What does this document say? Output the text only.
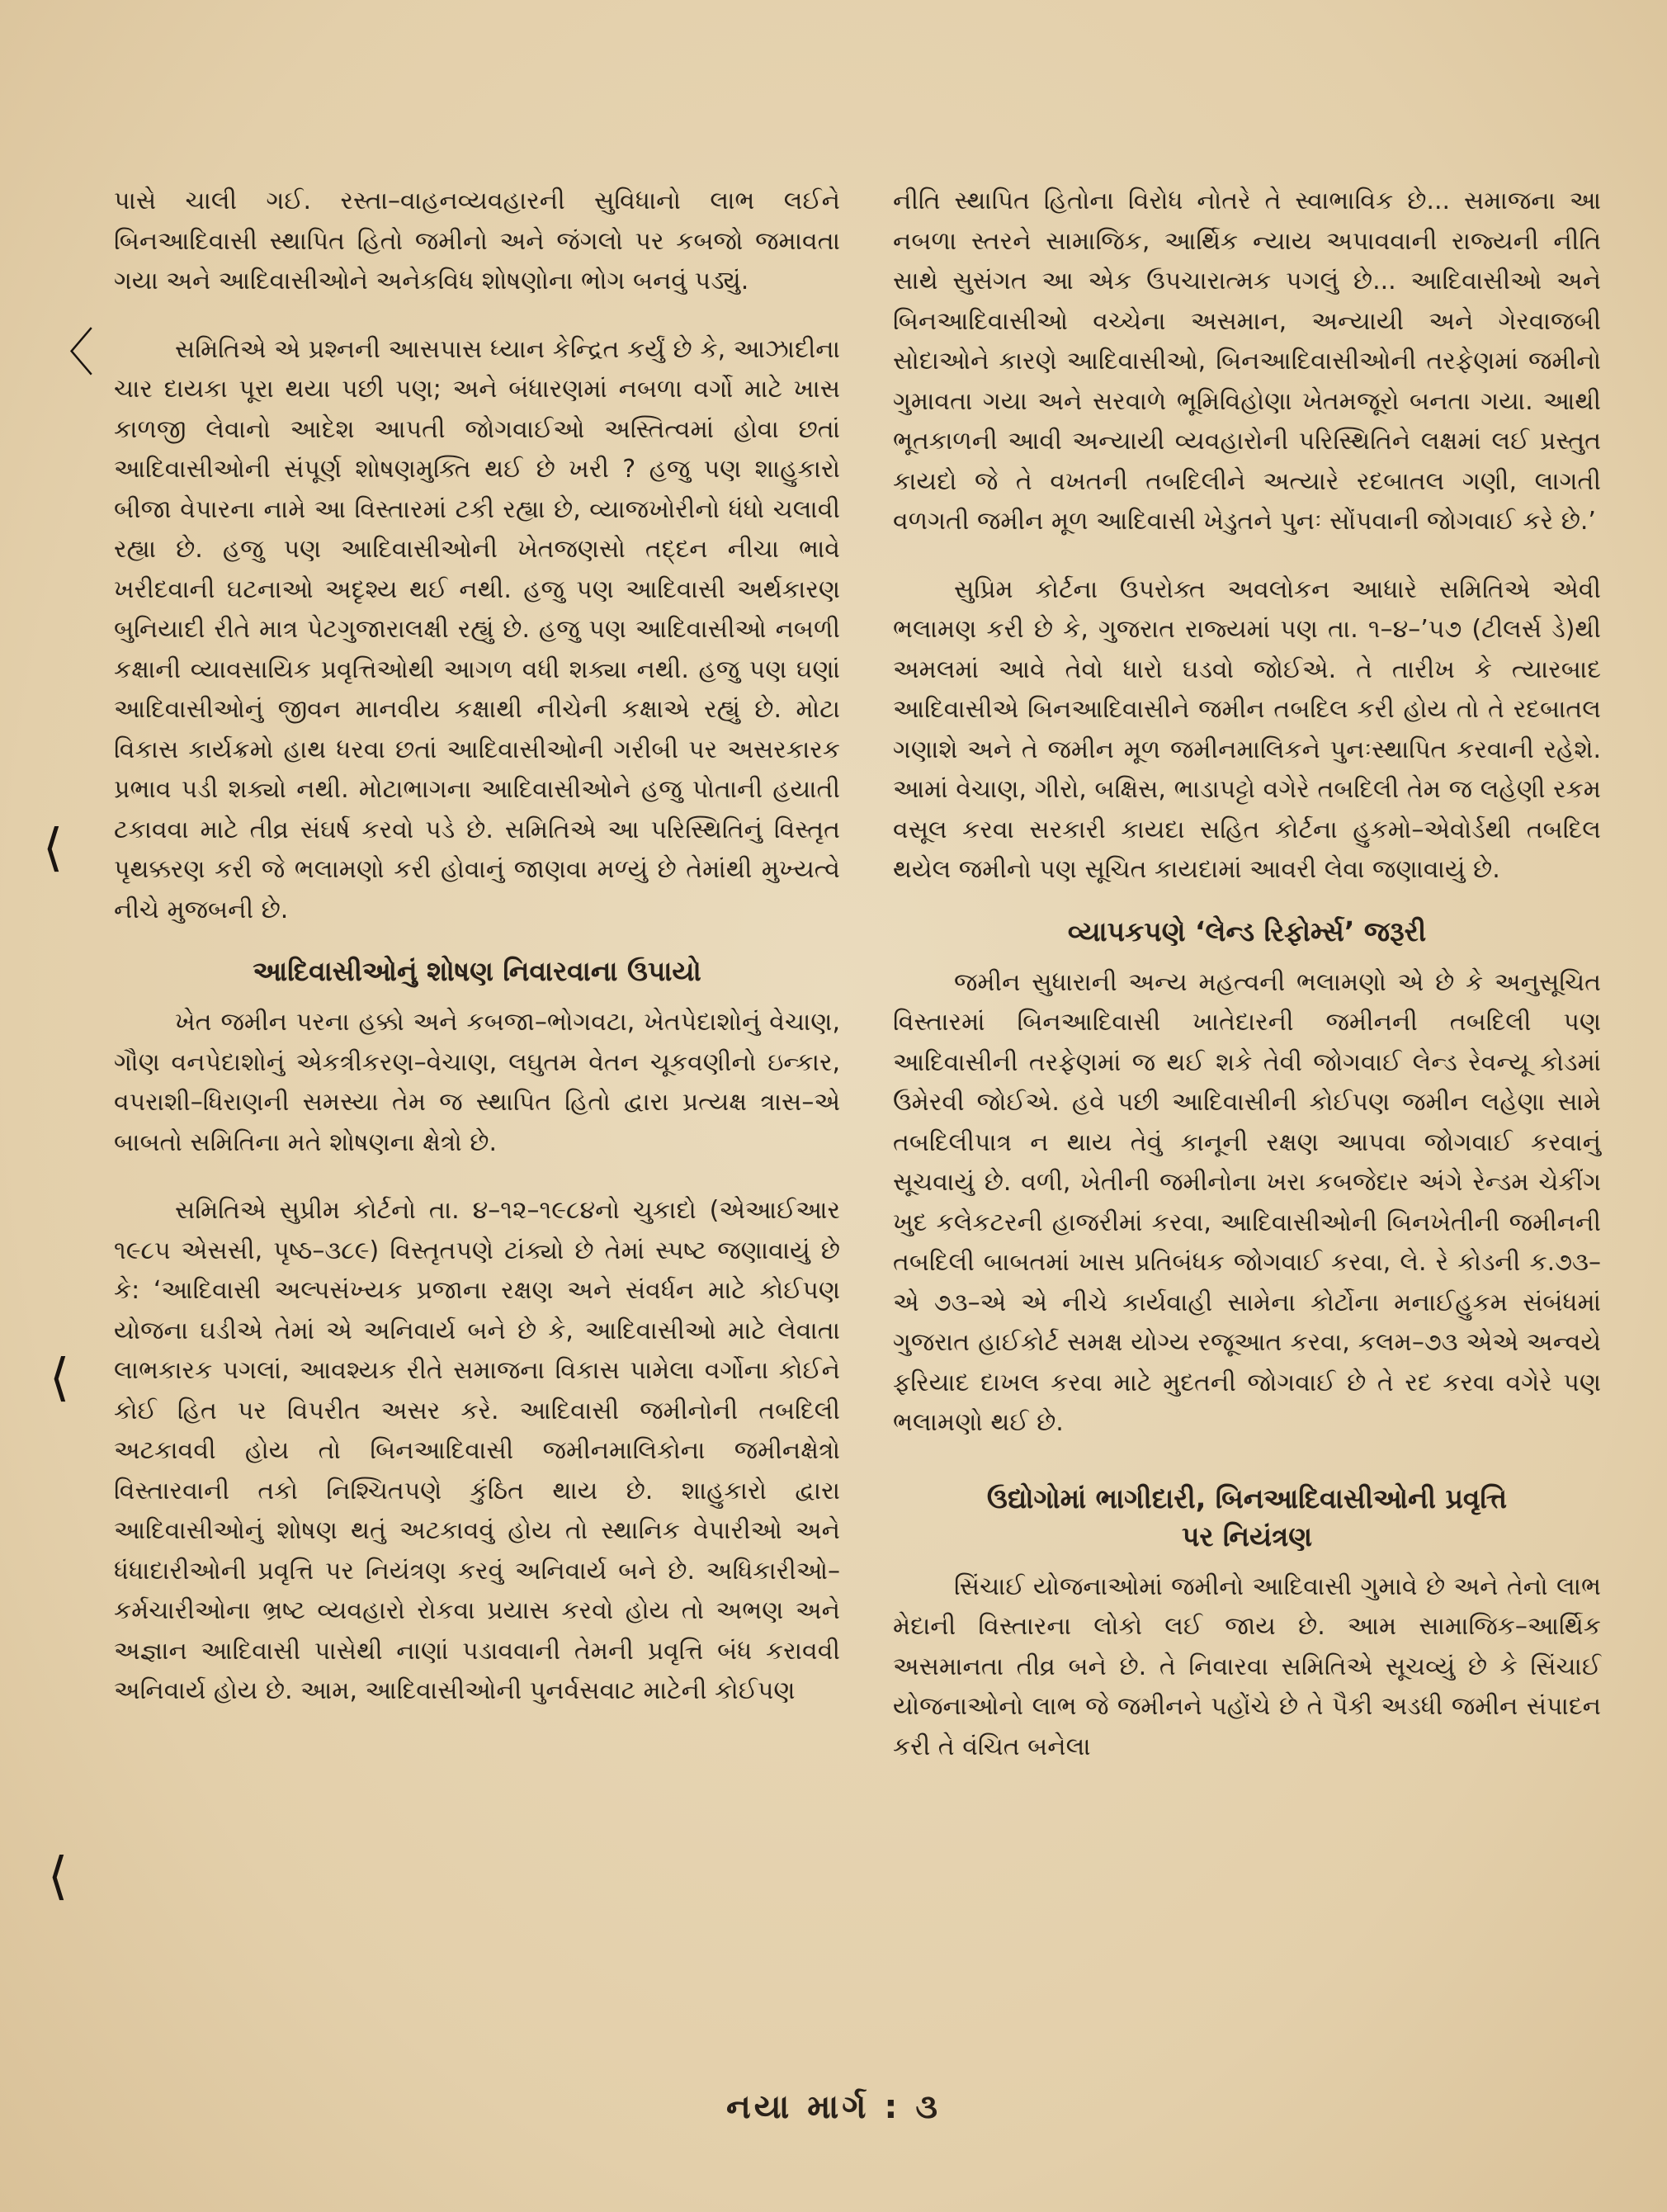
〈
⟨
⟨
⟨

પાસે ચાલી ગઈ. રસ્તા–વાહનવ્યવહારની સુવિધાનો લાભ લઈને બિનઆદિવાસી સ્થાપિત હિતો જમીનો અને જંગલો પર કબજો જમાવતા ગયા અને આદિવાસીઓને અનેકવિધ શોષણોના ભોગ બનવું પડ્યું.

સમિતિએ એ પ્રશ્નની આસપાસ ધ્યાન કેન્દ્રિત કર્યું છે કે, આઝાદીના ચાર દાયકા પૂરા થયા પછી પણ; અને બંધારણમાં નબળા વર્ગો માટે ખાસ કાળજી લેવાનો આદેશ આપતી જોગવાઈઓ અસ્તિત્વમાં હોવા છતાં આદિવાસીઓની સંપૂર્ણ શોષણમુક્તિ થઈ છે ખરી ? હજુ પણ શાહુકારો બીજા વેપારના નામે આ વિસ્તારમાં ટકી રહ્યા છે, વ્યાજખોરીનો ધંધો ચલાવી રહ્યા છે. હજુ પણ આદિવાસીઓની ખેતજણસો તદ્દન નીચા ભાવે ખરીદવાની ઘટનાઓ અદૃશ્ય થઈ નથી. હજુ પણ આદિવાસી અર્થકારણ બુનિયાદી રીતે માત્ર પેટગુજારાલક્ષી રહ્યું છે. હજુ પણ આદિવાસીઓ નબળી કક્ષાની વ્યાવસાયિક પ્રવૃત્તિઓથી આગળ વધી શક્યા નથી. હજુ પણ ઘણાં આદિવાસીઓનું જીવન માનવીય કક્ષાથી નીચેની કક્ષાએ રહ્યું છે. મોટા વિકાસ કાર્યક્રમો હાથ ધરવા છતાં આદિવાસીઓની ગરીબી પર અસરકારક પ્રભાવ પડી શક્યો નથી. મોટાભાગના આદિવાસીઓને હજુ પોતાની હયાતી ટકાવવા માટે તીવ્ર સંઘર્ષ કરવો પડે છે. સમિતિએ આ પરિસ્થિતિનું વિસ્તૃત પૃથક્કરણ કરી જે ભલામણો કરી હોવાનું જાણવા મળ્યું છે તેમાંથી મુખ્યત્વે નીચે મુજબની છે.

આદિવાસીઓનું શોષણ નિવારવાના ઉપાયો

ખેત જમીન પરના હક્કો અને કબજા–ભોગવટા, ખેતપેદાશોનું વેચાણ, ગૌણ વનપેદાશોનું એકત્રીકરણ–વેચાણ, લઘુતમ વેતન ચૂકવણીનો ઇન્કાર, વપરાશી–ધિરાણની સમસ્યા તેમ જ સ્થાપિત હિતો દ્વારા પ્રત્યક્ષ ત્રાસ–એ બાબતો સમિતિના મતે શોષણના ક્ષેત્રો છે.

સમિતિએ સુપ્રીમ કોર્ટનો તા. ૪–૧૨–૧૯૮૪નો ચુકાદો (એઆઈઆર ૧૯૮૫ એસસી, પૃષ્ઠ–૩૮૯) વિસ્તૃતપણે ટાંક્યો છે તેમાં સ્પષ્ટ જણાવાયું છે કે: ‘આદિવાસી અલ્પસંખ્યક પ્રજાના રક્ષણ અને સંવર્ધન માટે કોઈપણ યોજના ઘડીએ તેમાં એ અનિવાર્ય બને છે કે, આદિવાસીઓ માટે લેવાતા લાભકારક પગલાં, આવશ્યક રીતે સમાજના વિકાસ પામેલા વર્ગોના કોઈને કોઈ હિત પર વિપરીત અસર કરે. આદિવાસી જમીનોની તબદિલી અટકાવવી હોય તો બિનઆદિવાસી જમીનમાલિકોના જમીનક્ષેત્રો વિસ્તારવાની તકો નિશ્ચિતપણે કુંઠિત થાય છે. શાહુકારો દ્વારા આદિવાસીઓનું શોષણ થતું અટકાવવું હોય તો સ્થાનિક વેપારીઓ અને ધંધાદારીઓની પ્રવૃત્તિ પર નિયંત્રણ કરવું અનિવાર્ય બને છે. અધિકારીઓ–કર્મચારીઓના ભ્રષ્ટ વ્યવહારો રોકવા પ્રયાસ કરવો હોય તો અભણ અને અજ્ઞાન આદિવાસી પાસેથી નાણાં પડાવવાની તેમની પ્રવૃત્તિ બંધ કરાવવી અનિવાર્ય હોય છે. આમ, આદિવાસીઓની પુનર્વસવાટ માટેની કોઈપણ

નીતિ સ્થાપિત હિતોના વિરોધ નોતરે તે સ્વાભાવિક છે... સમાજના આ નબળા સ્તરને સામાજિક, આર્થિક ન્યાય અપાવવાની રાજ્યની નીતિ સાથે સુસંગત આ એક ઉપચારાત્મક પગલું છે... આદિવાસીઓ અને બિનઆદિવાસીઓ વચ્ચેના અસમાન, અન્યાયી અને ગેરવાજબી સોદાઓને કારણે આદિવાસીઓ, બિનઆદિવાસીઓની તરફેણમાં જમીનો ગુમાવતા ગયા અને સરવાળે ભૂમિવિહોણા ખેતમજૂરો બનતા ગયા. આથી ભૂતકાળની આવી અન્યાયી વ્યવહારોની પરિસ્થિતિને લક્ષમાં લઈ પ્રસ્તુત કાયદો જે તે વખતની તબદિલીને અત્યારે રદબાતલ ગણી, લાગતી વળગતી જમીન મૂળ આદિવાસી ખેડુતને પુનઃ સોંપવાની જોગવાઈ કરે છે.’

સુપ્રિમ કોર્ટના ઉપરોક્ત અવલોકન આધારે સમિતિએ એવી ભલામણ કરી છે કે, ગુજરાત રાજ્યમાં પણ તા. ૧–૪–’૫૭ (ટીલર્સ ડે)થી અમલમાં આવે તેવો ધારો ઘડવો જોઈએ. તે તારીખ કે ત્યારબાદ આદિવાસીએ બિનઆદિવાસીને જમીન તબદિલ કરી હોય તો તે રદબાતલ ગણાશે અને તે જમીન મૂળ જમીનમાલિકને પુનઃસ્થાપિત કરવાની રહેશે. આમાં વેચાણ, ગીરો, બક્ષિસ, ભાડાપટ્ટો વગેરે તબદિલી તેમ જ લહેણી રકમ વસૂલ કરવા સરકારી કાયદા સહિત કોર્ટના હુકમો–એવોર્ડથી તબદિલ થયેલ જમીનો પણ સૂચિત કાયદામાં આવરી લેવા જણાવાયું છે.

વ્યાપકપણે ‘લેન્ડ રિફોર્મ્સ’ જરૂરી

જમીન સુધારાની અન્ય મહત્વની ભલામણો એ છે કે અનુસૂચિત વિસ્તારમાં બિનઆદિવાસી ખાતેદારની જમીનની તબદિલી પણ આદિવાસીની તરફેણમાં જ થઈ શકે તેવી જોગવાઈ લેન્ડ રેવન્યૂ કોડમાં ઉમેરવી જોઈએ. હવે પછી આદિવાસીની કોઈપણ જમીન લહેણા સામે તબદિલીપાત્ર ન થાય તેવું કાનૂની રક્ષણ આપવા જોગવાઈ કરવાનું સૂચવાયું છે. વળી, ખેતીની જમીનોના ખરા કબજેદાર અંગે રેન્ડમ ચેકીંગ ખુદ કલેકટરની હાજરીમાં કરવા, આદિવાસીઓની બિનખેતીની જમીનની તબદિલી બાબતમાં ખાસ પ્રતિબંધક જોગવાઈ કરવા, લે. રે કોડની ક.૭૩–એ ૭૩–એ એ નીચે કાર્યવાહી સામેના કોર્ટોના મનાઈહુકમ સંબંધમાં ગુજરાત હાઈકોર્ટ સમક્ષ યોગ્ય રજૂઆત કરવા, કલમ–૭૩ એએ અન્વયે ફરિયાદ દાખલ કરવા માટે મુદતની જોગવાઈ છે તે રદ કરવા વગેરે પણ ભલામણો થઈ છે.

ઉદ્યોગોમાં ભાગીદારી, બિનઆદિવાસીઓની પ્રવૃત્તિ
પર નિયંત્રણ

સિંચાઈ યોજનાઓમાં જમીનો આદિવાસી ગુમાવે છે અને તેનો લાભ મેદાની વિસ્તારના લોકો લઈ જાય છે. આમ સામાજિક–આર્થિક અસમાનતા તીવ્ર બને છે. તે નિવારવા સમિતિએ સૂચવ્યું છે કે સિંચાઈ યોજનાઓનો લાભ જે જમીનને પહોંચે છે તે પૈકી અડધી જમીન સંપાદન કરી તે વંચિત બનેલા

નયા માર્ગ : ૩
